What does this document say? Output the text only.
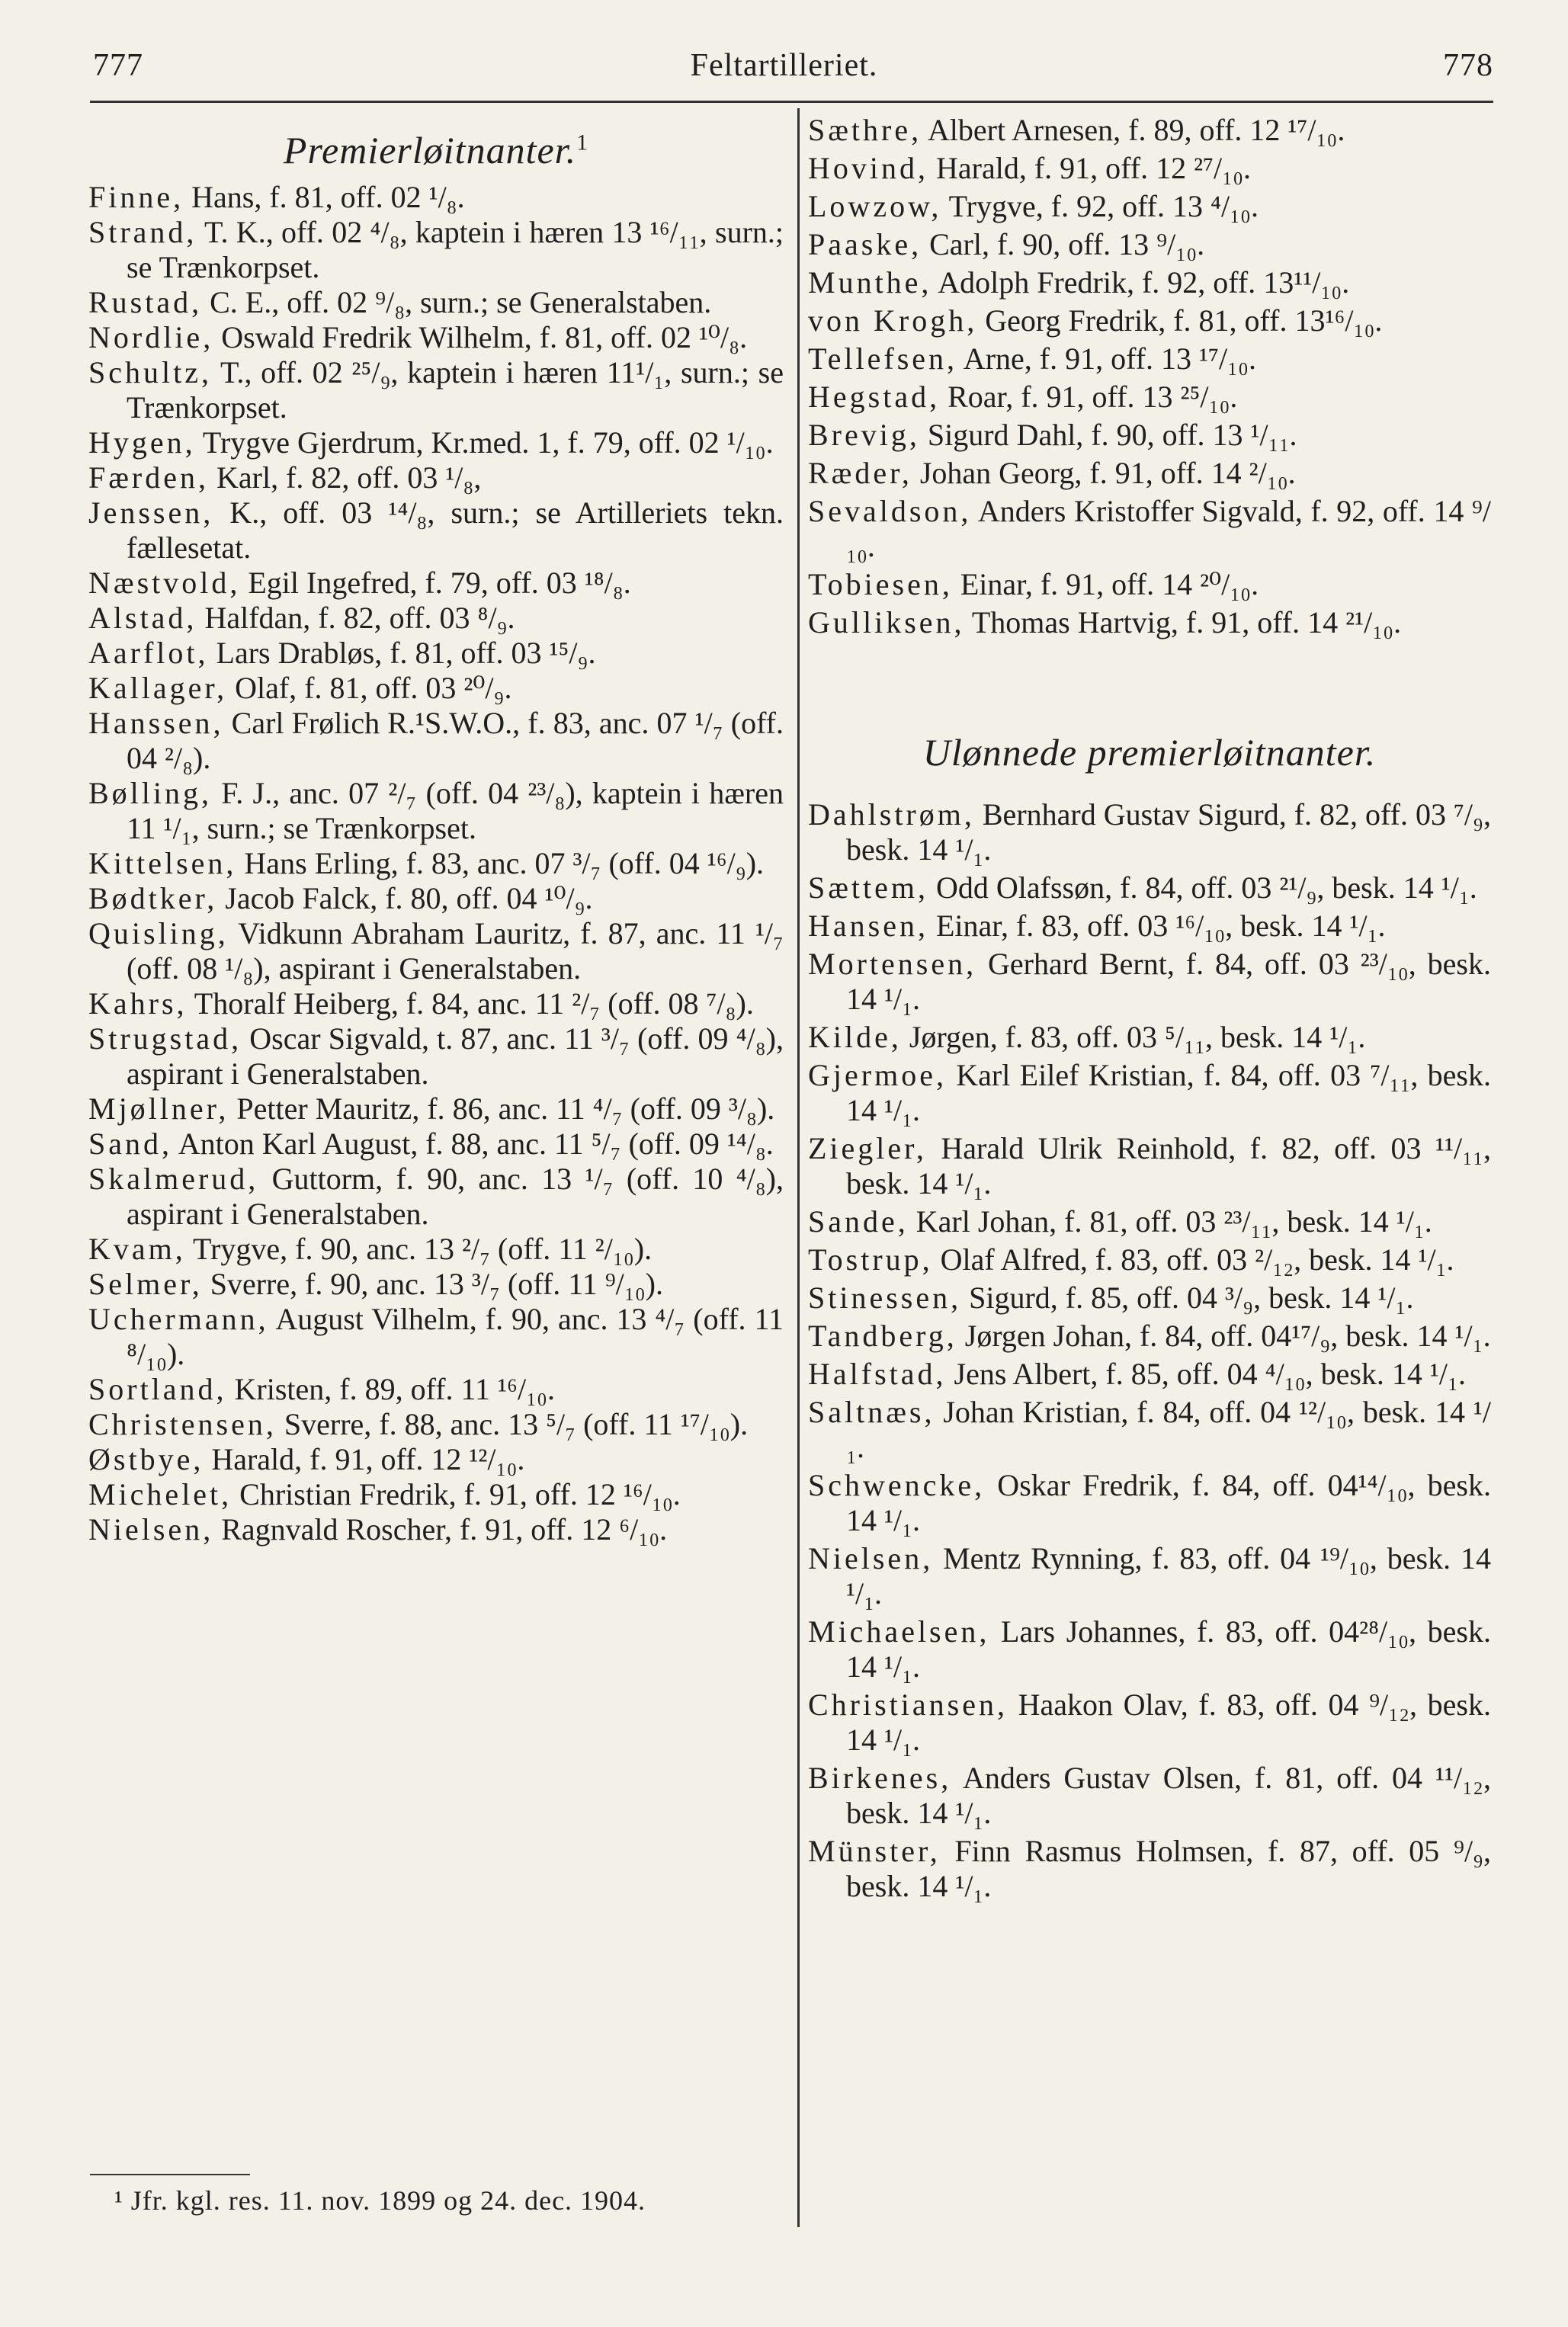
Feltartilleriet.
777	778
Premierløitnanter.$^1$
Finne, Hans, f. 81, off. 02 ¹/₈.
Strand, T. K., off. 02 ⁴/₈, kaptein i hæren 13 ¹⁶/₁₁, surn.; se Trænkorpset.
Rustad, C. E., off. 02 ⁹/₈, surn.; se Generalstaben.
Nordlie, Oswald Fredrik Wilhelm, f. 81, off. 02 ¹⁰/₈.
Schultz, T., off. 02 ²⁵/₉, kaptein i hæren 11¹/₁, surn.; se Trænkorpset.
Hygen, Trygve Gjerdrum, Kr.med. 1, f. 79, off. 02 ¹/₁₀.
Færden, Karl, f. 82, off. 03 ¹/₈,
Jenssen, K., off. 03 ¹⁴/₈, surn.; se Artilleriets tekn. fællesetat.
Næstvold, Egil Ingefred, f. 79, off. 03 ¹⁸/₈.
Alstad, Halfdan, f. 82, off. 03 ⁸/₉.
Aarflot, Lars Drabløs, f. 81, off. 03 ¹⁵/₉.
Kallager, Olaf, f. 81, off. 03 ²⁰/₉.
Hanssen, Carl Frølich R.¹S.W.O., f. 83, anc. 07 ¹/₇ (off. 04 ²/₈).
Bølling, F. J., anc. 07 ²/₇ (off. 04 ²³/₈), kaptein i hæren 11 ¹/₁, surn.; se Trænkorpset.
Kittelsen, Hans Erling, f. 83, anc. 07 ³/₇ (off. 04 ¹⁶/₉).
Bødtker, Jacob Falck, f. 80, off. 04 ¹⁰/₉.
Quisling, Vidkunn Abraham Lauritz, f. 87, anc. 11 ¹/₇ (off. 08 ¹/₈), aspirant i Generalstaben.
Kahrs, Thoralf Heiberg, f. 84, anc. 11 ²/₇ (off. 08 ⁷/₈).
Strugstad, Oscar Sigvald, t. 87, anc. 11 ³/₇ (off. 09 ⁴/₈), aspirant i Generalstaben.
Mjøllner, Petter Mauritz, f. 86, anc. 11 ⁴/₇ (off. 09 ³/₈).
Sand, Anton Karl August, f. 88, anc. 11 ⁵/₇ (off. 09 ¹⁴/₈.
Skalmerud, Guttorm, f. 90, anc. 13 ¹/₇ (off. 10 ⁴/₈), aspirant i Generalstaben.
Kvam, Trygve, f. 90, anc. 13 ²/₇ (off. 11 ²/₁₀).
Selmer, Sverre, f. 90, anc. 13 ³/₇ (off. 11 ⁹/₁₀).
Uchermann, August Vilhelm, f. 90, anc. 13 ⁴/₇ (off. 11 ⁸/₁₀).
Sortland, Kristen, f. 89, off. 11 ¹⁶/₁₀.
Christensen, Sverre, f. 88, anc. 13 ⁵/₇ (off. 11 ¹⁷/₁₀).
Østbye, Harald, f. 91, off. 12 ¹²/₁₀.
Michelet, Christian Fredrik, f. 91, off. 12 ¹⁶/₁₀.
Nielsen, Ragnvald Roscher, f. 91, off. 12 ⁶/₁₀.
Sæthre, Albert Arnesen, f. 89, off. 12 ¹⁷/₁₀.
Hovind, Harald, f. 91, off. 12 ²⁷/₁₀.
Lowzow, Trygve, f. 92, off. 13 ⁴/₁₀.
Paaske, Carl, f. 90, off. 13 ⁹/₁₀.
Munthe, Adolph Fredrik, f. 92, off. 13¹¹/₁₀.
von Krogh, Georg Fredrik, f. 81, off. 13¹⁶/₁₀.
Tellefsen, Arne, f. 91, off. 13 ¹⁷/₁₀.
Hegstad, Roar, f. 91, off. 13 ²⁵/₁₀.
Brevig, Sigurd Dahl, f. 90, off. 13 ¹/₁₁.
Ræder, Johan Georg, f. 91, off. 14 ²/₁₀.
Sevaldson, Anders Kristoffer Sigvald, f. 92, off. 14 ⁹/₁₀.
Tobiesen, Einar, f. 91, off. 14 ²⁰/₁₀.
Gulliksen, Thomas Hartvig, f. 91, off. 14 ²¹/₁₀.
Ulønnede premierløitnanter.
Dahlstrøm, Bernhard Gustav Sigurd, f. 82, off. 03 ⁷/₉, besk. 14 ¹/₁.
Sættem, Odd Olafssøn, f. 84, off. 03 ²¹/₉, besk. 14 ¹/₁.
Hansen, Einar, f. 83, off. 03 ¹⁶/₁₀, besk. 14 ¹/₁.
Mortensen, Gerhard Bernt, f. 84, off. 03 ²³/₁₀, besk. 14 ¹/₁.
Kilde, Jørgen, f. 83, off. 03 ⁵/₁₁, besk. 14 ¹/₁.
Gjermoe, Karl Eilef Kristian, f. 84, off. 03 ⁷/₁₁, besk. 14 ¹/₁.
Ziegler, Harald Ulrik Reinhold, f. 82, off. 03 ¹¹/₁₁, besk. 14 ¹/₁.
Sande, Karl Johan, f. 81, off. 03 ²³/₁₁, besk. 14 ¹/₁.
Tostrup, Olaf Alfred, f. 83, off. 03 ²/₁₂, besk. 14 ¹/₁.
Stinessen, Sigurd, f. 85, off. 04 ³/₉, besk. 14 ¹/₁.
Tandberg, Jørgen Johan, f. 84, off. 04¹⁷/₉, besk. 14 ¹/₁.
Halfstad, Jens Albert, f. 85, off. 04 ⁴/₁₀, besk. 14 ¹/₁.
Saltnæs, Johan Kristian, f. 84, off. 04 ¹²/₁₀, besk. 14 ¹/₁.
Schwencke, Oskar Fredrik, f. 84, off. 04¹⁴/₁₀, besk. 14 ¹/₁.
Nielsen, Mentz Rynning, f. 83, off. 04 ¹⁹/₁₀, besk. 14 ¹/₁.
Michaelsen, Lars Johannes, f. 83, off. 04²⁸/₁₀, besk. 14 ¹/₁.
Christiansen, Haakon Olav, f. 83, off. 04 ⁹/₁₂, besk. 14 ¹/₁.
Birkenes, Anders Gustav Olsen, f. 81, off. 04 ¹¹/₁₂, besk. 14 ¹/₁.
Münster, Finn Rasmus Holmsen, f. 87, off. 05 ⁹/₉, besk. 14 ¹/₁.
¹ Jfr. kgl. res. 11. nov. 1899 og 24. dec. 1904.
